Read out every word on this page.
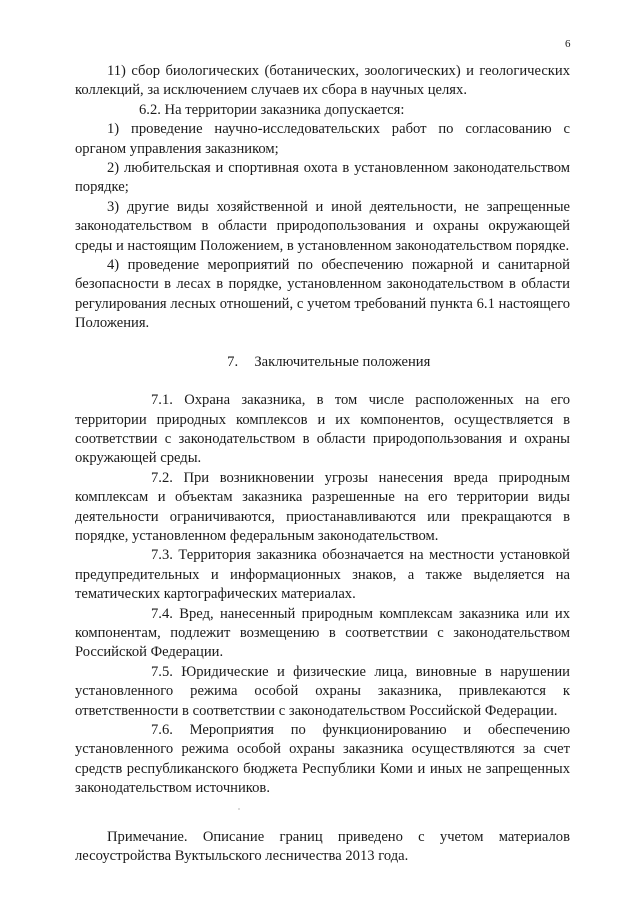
6

11) сбор биологических (ботанических, зоологических) и геологических коллекций, за исключением случаев их сбора в научных целях.

6.2. На территории заказника допускается:

1) проведение научно-исследовательских работ по согласованию с органом управления заказником;

2) любительская и спортивная охота в установленном законодательством порядке;

3) другие виды хозяйственной и иной деятельности, не запрещенные законодательством в области природопользования и охраны окружающей среды и настоящим Положением, в установленном законодательством порядке.

4) проведение мероприятий по обеспечению пожарной и санитарной безопасности в лесах в порядке, установленном законодательством в области регулирования лесных отношений, с учетом требований пункта 6.1 настоящего Положения.

7. Заключительные положения

7.1. Охрана заказника, в том числе расположенных на его территории природных комплексов и их компонентов, осуществляется в соответствии с законодательством в области природопользования и охраны окружающей среды.

7.2. При возникновении угрозы нанесения вреда природным комплексам и объектам заказника разрешенные на его территории виды деятельности ограничиваются, приостанавливаются или прекращаются в порядке, установленном федеральным законодательством.

7.3. Территория заказника обозначается на местности установкой предупредительных и информационных знаков, а также выделяется на тематических картографических материалах.

7.4. Вред, нанесенный природным комплексам заказника или их компонентам, подлежит возмещению в соответствии с законодательством Российской Федерации.

7.5. Юридические и физические лица, виновные в нарушении установленного режима особой охраны заказника, привлекаются к ответственности в соответствии с законодательством Российской Федерации.

7.6. Мероприятия по функционированию и обеспечению установленного режима особой охраны заказника осуществляются за счет средств республиканского бюджета Республики Коми и иных не запрещенных законодательством источников.

Примечание. Описание границ приведено с учетом материалов лесоустройства Вуктыльского лесничества 2013 года.
